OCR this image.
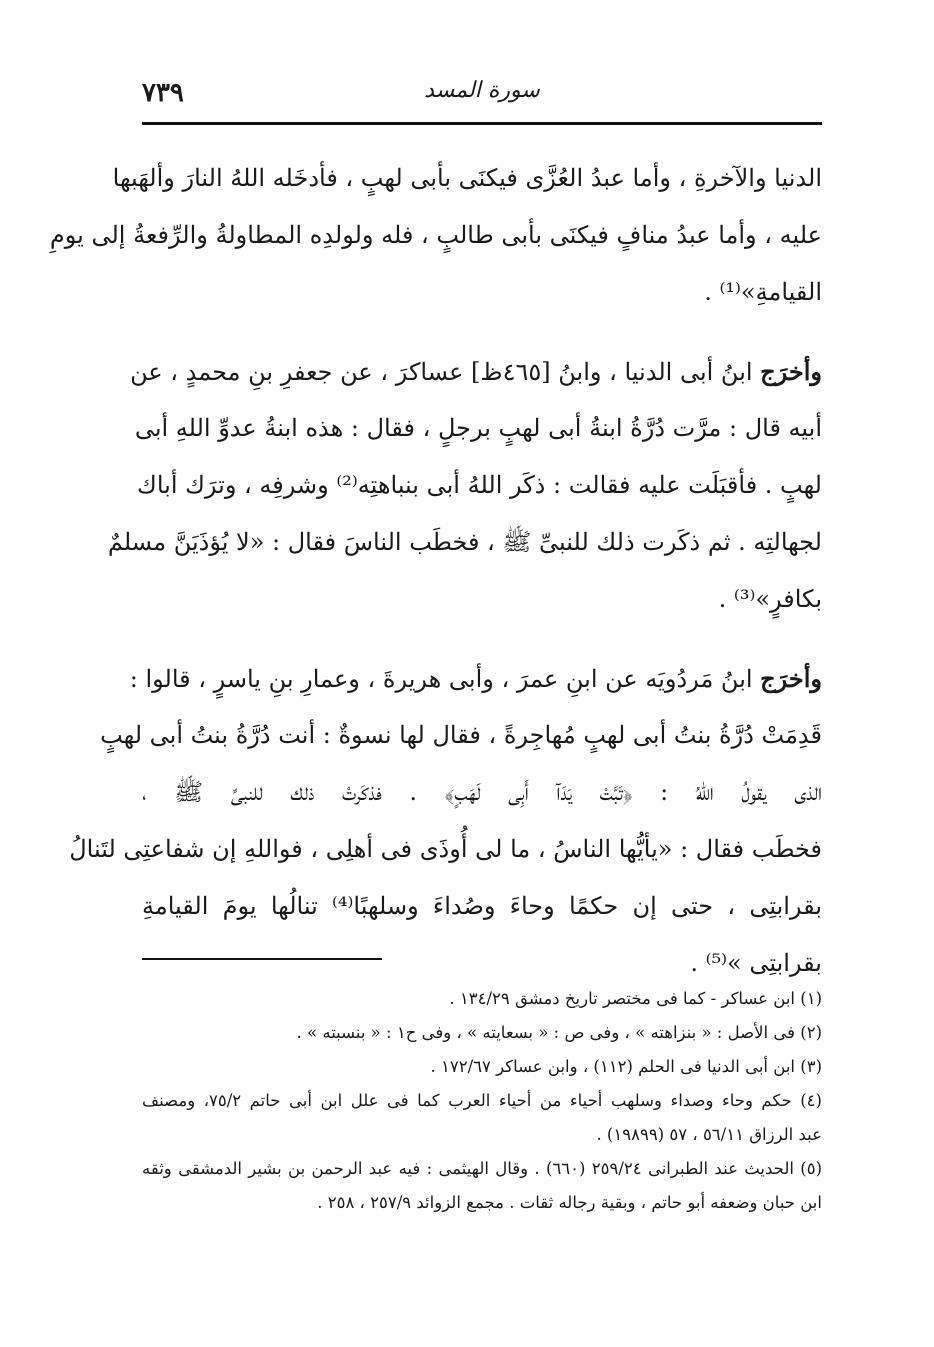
٧٣٩	سورة المسد
الدنيا والآخرةِ ، وأما عبدُ العُزَّى فيكنَى بأبى لهبٍ ، فأدخَله اللهُ النارَ وألهَبها
عليه ، وأما عبدُ منافٍ فيكنَى بأبى طالبٍ ، فله ولولدِه المطاولةُ والرِّفعةُ إلى يومِ
القيامةِ»⁽¹⁾ .
وأخرَج ابنُ أبى الدنيا ، وابنُ [٤٦٥ظ] عساكرَ ، عن جعفرِ بنِ محمدٍ ، عن
أبيه قال : مرَّت دُرَّةُ ابنةُ أبى لهبٍ برجلٍ ، فقال : هذه ابنةُ عدوِّ اللهِ أبى
لهبٍ . فأقبَلَت عليه فقالت : ذكَر اللهُ أبى بنباهتِه⁽²⁾ وشرفِه ، وترَك أباك
لجهالتِه . ثم ذكَرت ذلك للنبىِّ ﷺ ، فخطَب الناسَ فقال : «لا يُؤذَيَنَّ مسلمٌ
بكافرٍ»⁽³⁾ .
وأخرَج ابنُ مَردُويَه عن ابنِ عمرَ ، وأبى هريرةَ ، وعمارِ بنِ ياسرٍ ، قالوا :
قَدِمَتْ دُرَّةُ بنتُ أبى لهبٍ مُهاجِرةً ، فقال لها نسوةٌ : أنت دُرَّةُ بنتُ أبى لهبٍ
الذى يقولُ اللهُ : ﴿تَبَّتْ يَدَآ أَبِى لَهَبٍ﴾ . فذكَرتْ ذلك للنبىِّ ﷺ ،
فخطَب فقال : «يأيُّها الناسُ ، ما لى أُوذَى فى أهلِى ، فواللهِ إن شفاعتِى لتَنالُ
بقرابتِى ، حتى إن حكمًا وحاءَ وصُداءَ وسلهبًا⁽⁴⁾ تنالُها يومَ القيامةِ
بقرابتِى »⁽⁵⁾ .
(١) ابن عساكر - كما فى مختصر تاريخ دمشق ١٣٤/٢٩ .
(٢) فى الأصل : « بنزاهته » ، وفى ص : « بسعايته » ، وفى ح١ : « بنسبته » .
(٣) ابن أبى الدنيا فى الحلم (١١٢) ، وابن عساكر ١٧٢/٦٧ .
(٤) حكم وحاء وصداء وسلهب أحياء من أحياء العرب كما فى علل ابن أبى حاتم ٧٥/٢، ومصنف
عبد الرزاق ٥٦/١١ ، ٥٧ (١٩٨٩٩) .
(٥) الحديث عند الطبرانى ٢٥٩/٢٤ (٦٦٠) . وقال الهيثمى : فيه عبد الرحمن بن بشير الدمشقى وثقه
ابن حبان وضعفه أبو حاتم ، وبقية رجاله ثقات . مجمع الزوائد ٢٥٧/٩ ، ٢٥٨ .
